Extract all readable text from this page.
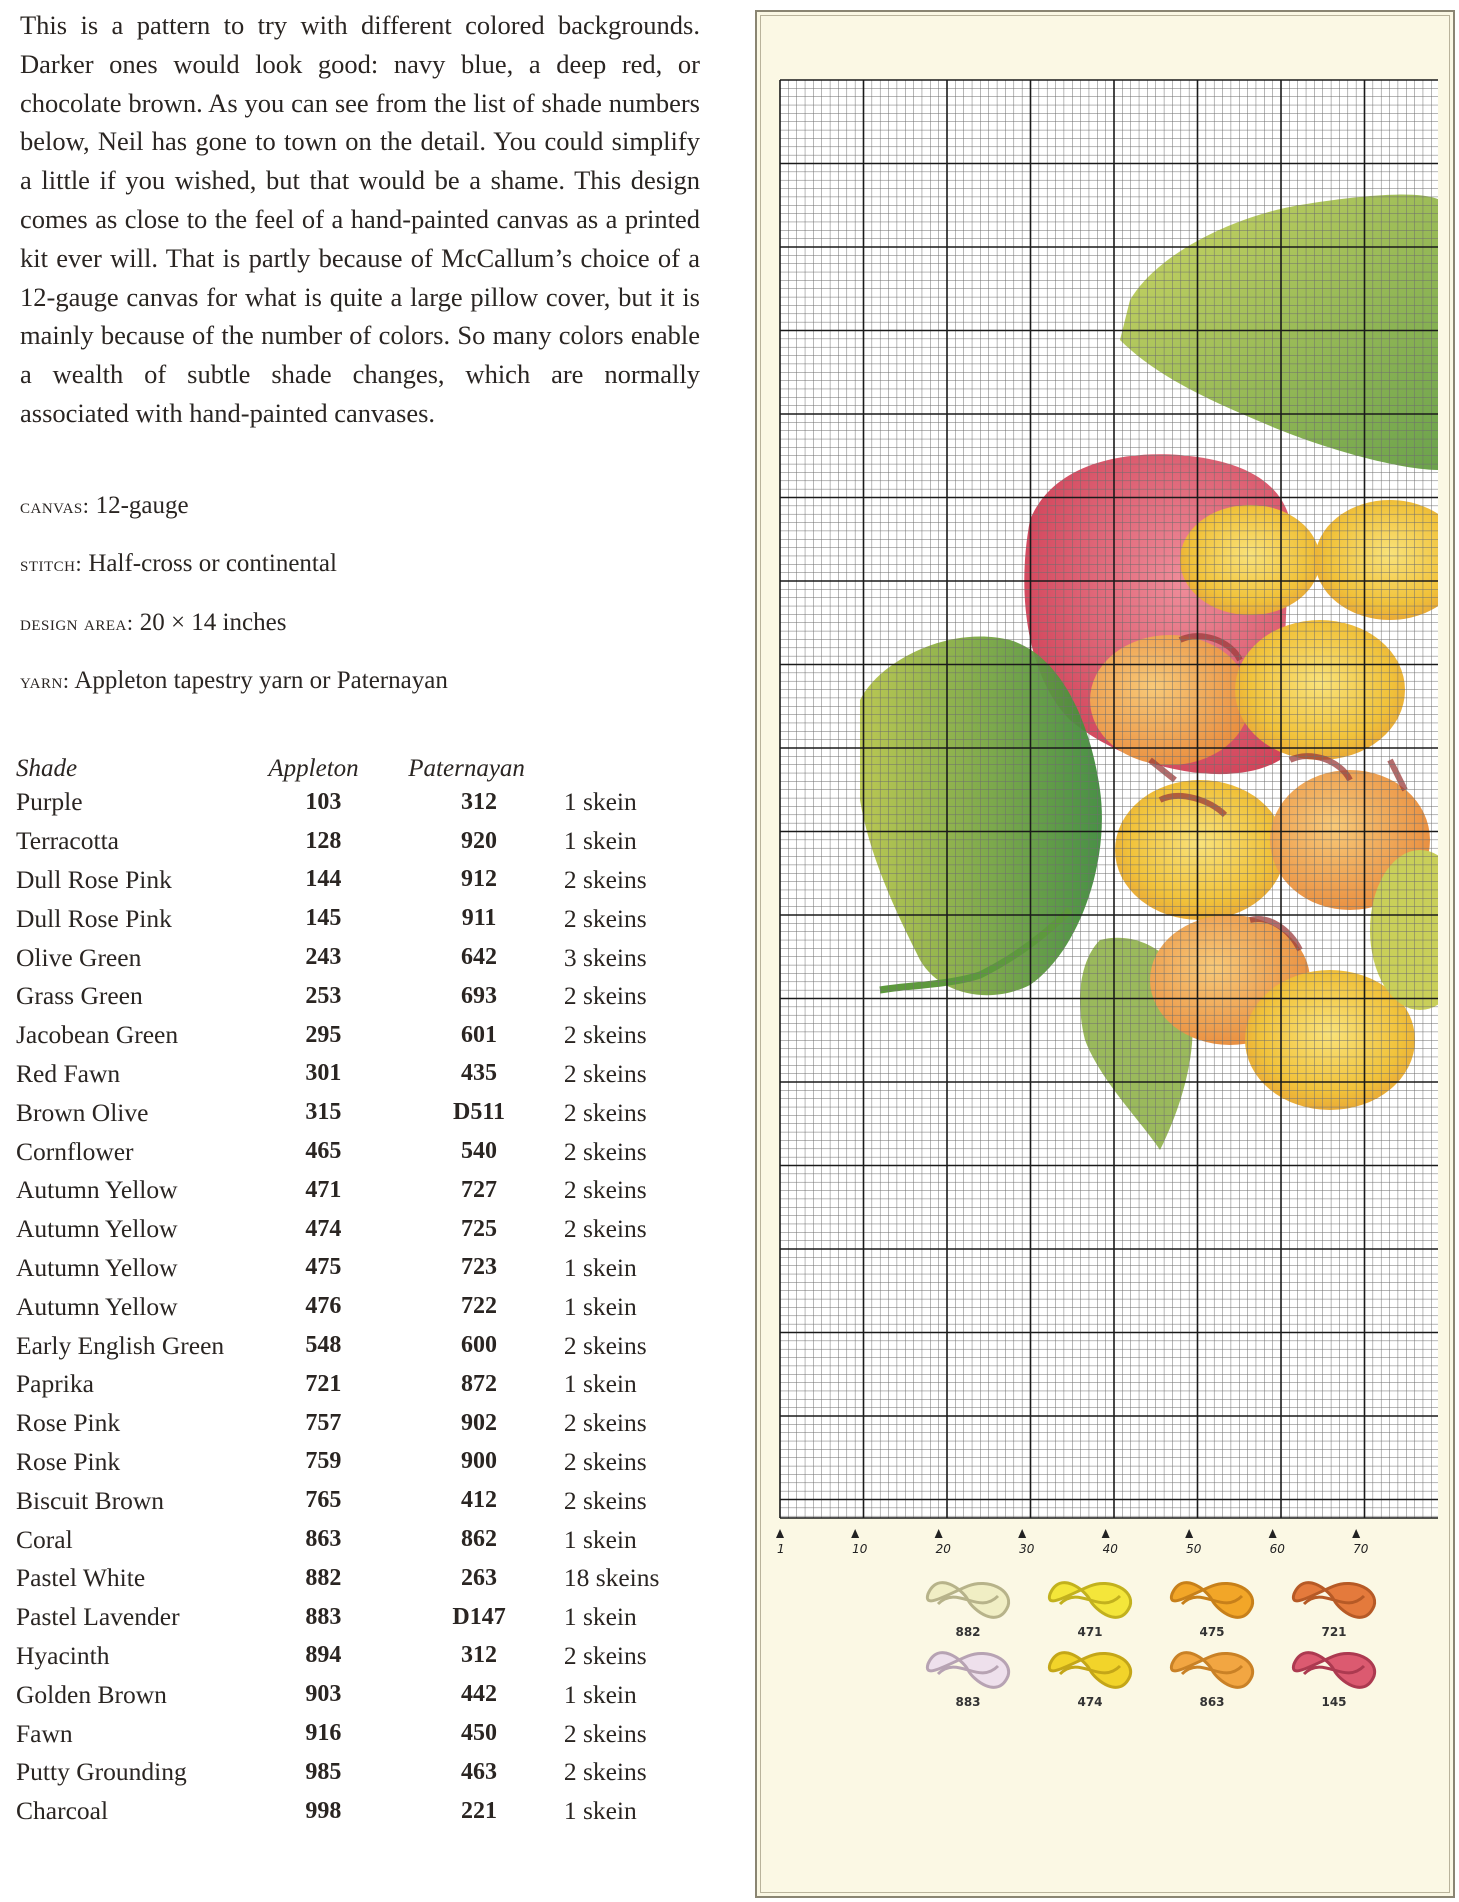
This is a pattern to try with different colored backgrounds. Darker ones would look good: navy blue, a deep red, or chocolate brown. As you can see from the list of shade numbers below, Neil has gone to town on the detail. You could simplify a little if you wished, but that would be a shame. This design comes as close to the feel of a hand-painted canvas as a printed kit ever will. That is partly because of McCallum’s choice of a 12-gauge canvas for what is quite a large pillow cover, but it is mainly because of the number of colors. So many colors enable a wealth of subtle shade changes, which are normally associated with hand-painted canvases.

canvas: 12-gauge

stitch: Half-cross or continental

design area: 20 × 14 inches

yarn: Appleton tapestry yarn or Paternayan

Shade	Appleton	Paternayan	
Purple	103	312	1 skein
Terracotta	128	920	1 skein
Dull Rose Pink	144	912	2 skeins
Dull Rose Pink	145	911	2 skeins
Olive Green	243	642	3 skeins
Grass Green	253	693	2 skeins
Jacobean Green	295	601	2 skeins
Red Fawn	301	435	2 skeins
Brown Olive	315	D511	2 skeins
Cornflower	465	540	2 skeins
Autumn Yellow	471	727	2 skeins
Autumn Yellow	474	725	2 skeins
Autumn Yellow	475	723	1 skein
Autumn Yellow	476	722	1 skein
Early English Green	548	600	2 skeins
Paprika	721	872	1 skein
Rose Pink	757	902	2 skeins
Rose Pink	759	900	2 skeins
Biscuit Brown	765	412	2 skeins
Coral	863	862	1 skein
Pastel White	882	263	18 skeins
Pastel Lavender	883	D147	1 skein
Hyacinth	894	312	2 skeins
Golden Brown	903	442	1 skein
Fawn	916	450	2 skeins
Putty Grounding	985	463	2 skeins
Charcoal	998	221	1 skein
1	10	20	30	40	50	60	70
882	471	475	721
883	474	863	145
